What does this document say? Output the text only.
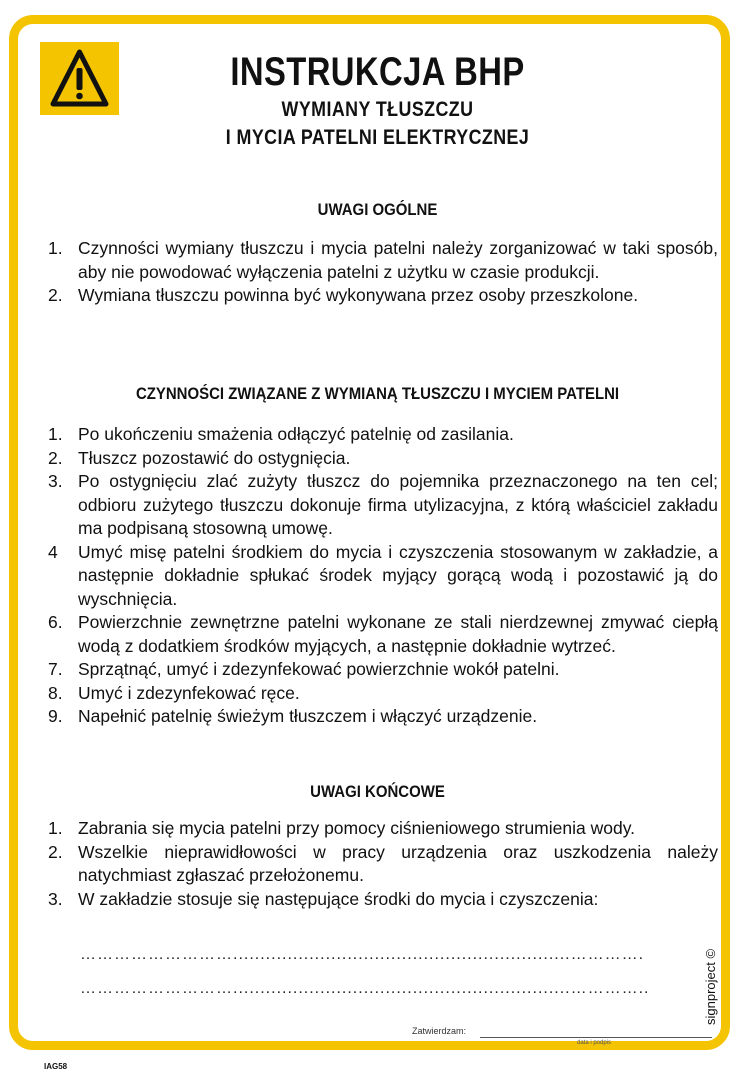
INSTRUKCJA BHP
WYMIANY TŁUSZCZU
I MYCIA PATELNI ELEKTRYCZNEJ
UWAGI OGÓLNE
1. Czynności wymiany tłuszczu i mycia patelni należy zorganizować w taki sposób, aby nie powodować wyłączenia patelni z użytku w czasie produkcji.
2. Wymiana tłuszczu powinna być wykonywana przez osoby przeszkolone.
CZYNNOŚCI ZWIĄZANE Z WYMIANĄ TŁUSZCZU I MYCIEM PATELNI
1. Po ukończeniu smażenia odłączyć patelnię od zasilania.
2. Tłuszcz pozostawić do ostygnięcia.
3. Po ostygnięciu zlać zużyty tłuszcz do pojemnika przeznaczonego na ten cel; odbioru zużytego tłuszczu dokonuje firma utylizacyjna, z którą właściciel zakładu ma podpisaną stosowną umowę.
4 Umyć misę patelni środkiem do mycia i czyszczenia stosowanym w zakładzie, a następnie dokładnie spłukać środek myjący gorącą wodą i pozostawić ją do wyschnięcia.
6. Powierzchnie zewnętrzne patelni wykonane ze stali nierdzewnej zmywać ciepłą wodą z dodatkiem środków myjących, a następnie dokładnie wytrzeć.
7. Sprzątnąć, umyć i zdezynfekować powierzchnie wokół patelni.
8. Umyć i zdezynfekować ręce.
9. Napełnić patelnię świeżym tłuszczem i włączyć urządzenie.
UWAGI KOŃCOWE
1. Zabrania się mycia patelni przy pomocy ciśnieniowego strumienia wody.
2. Wszelkie nieprawidłowości w pracy urządzenia oraz uszkodzenia należy natychmiast zgłaszać przełożonemu.
3. W zakładzie stosuje się następujące środki do mycia i czyszczenia:
………………………..............................................................………….
………………………..............................................................…………..
Zatwierdzam:
data i podpis
signproject ©
IAG58
